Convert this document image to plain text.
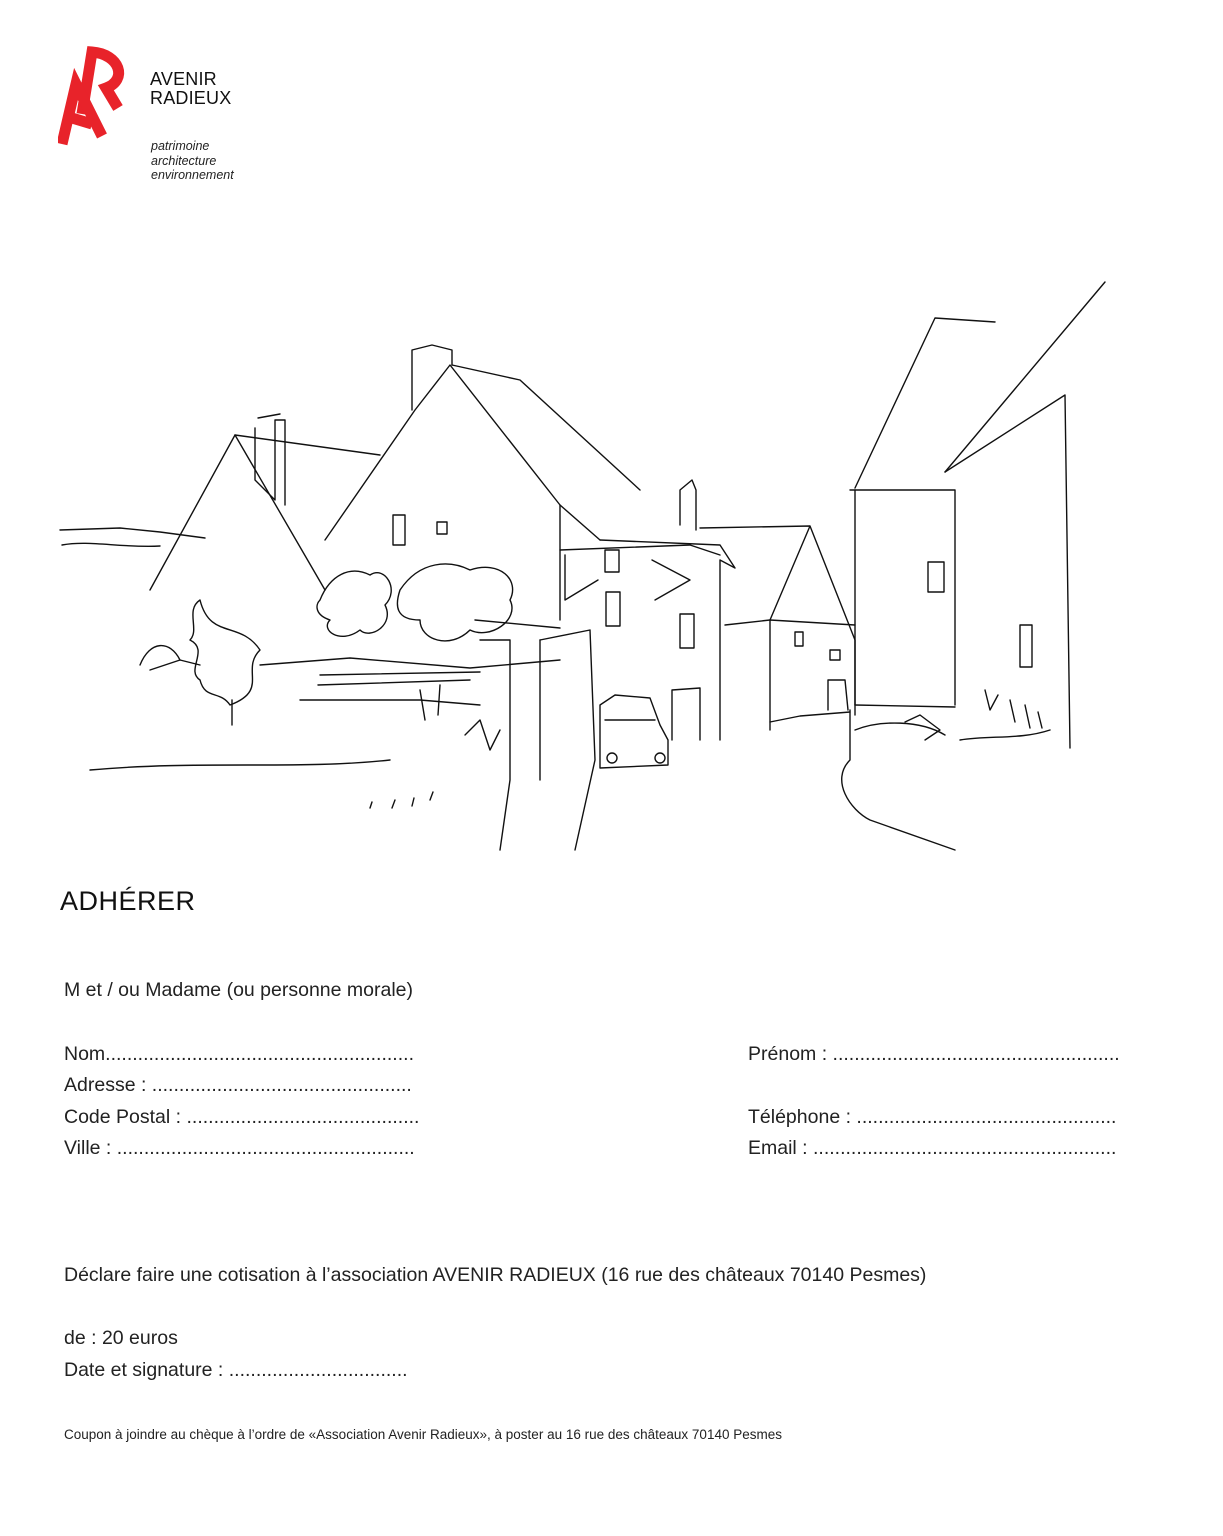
AVENIR
RADIEUX
patrimoine
architecture
environnement
ADHÉRER
M et / ou Madame (ou personne morale)
Nom.........................................................
Adresse : ................................................
Code Postal : ...........................................
Ville : .......................................................
Prénom : .....................................................
Téléphone : ................................................
Email : ........................................................
Déclare faire une cotisation à l’association AVENIR RADIEUX (16 rue des châteaux 70140 Pesmes)
de : 20 euros
Date et signature : .................................
Coupon à joindre au chèque à l’ordre de «Association Avenir Radieux», à poster au 16 rue des châteaux 70140 Pesmes
